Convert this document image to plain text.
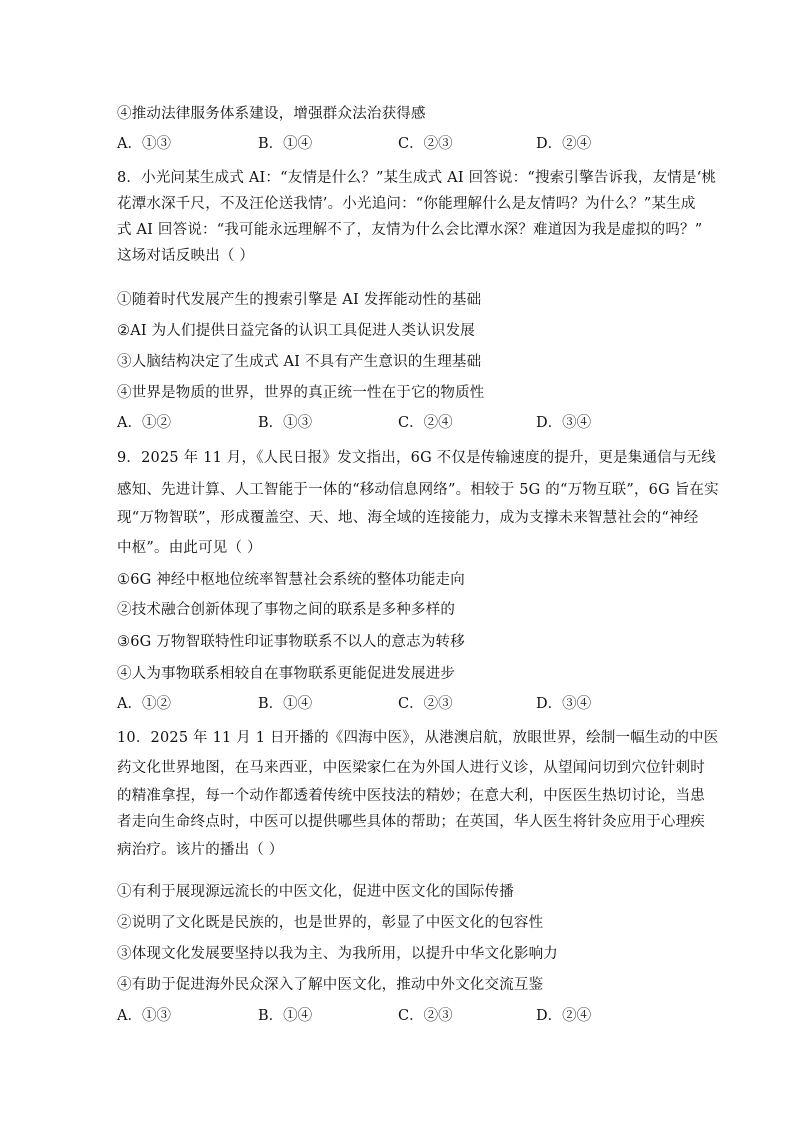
④推动法律服务体系建设，增强群众法治获得感
A．①③	B．①④	C．②③	D．②④
8．小光问某生成式 AI：“友情是什么？”某生成式 AI 回答说：“搜索引擎告诉我，友情是‘桃
花潭水深千尺，不及汪伦送我情’。小光追问：“你能理解什么是友情吗？为什么？”某生成
式 AI 回答说：“我可能永远理解不了，友情为什么会比潭水深？难道因为我是虚拟的吗？”
这场对话反映出（ ）
①随着时代发展产生的搜索引擎是 AI 发挥能动性的基础
②AI 为人们提供日益完备的认识工具促进人类认识发展
③人脑结构决定了生成式 AI 不具有产生意识的生理基础
④世界是物质的世界，世界的真正统一性在于它的物质性
A．①②	B．①③	C．②④	D．③④
9．2025 年 11 月，《人民日报》发文指出，6G 不仅是传输速度的提升，更是集通信与无线
感知、先进计算、人工智能于一体的“移动信息网络”。相较于 5G 的“万物互联”，6G 旨在实
现“万物智联”，形成覆盖空、天、地、海全域的连接能力，成为支撑未来智慧社会的“神经
中枢”。由此可见（ ）
①6G 神经中枢地位统率智慧社会系统的整体功能走向
②技术融合创新体现了事物之间的联系是多种多样的
③6G 万物智联特性印证事物联系不以人的意志为转移
④人为事物联系相较自在事物联系更能促进发展进步
A．①②	B．①④	C．②③	D．③④
10．2025 年 11 月 1 日开播的《四海中医》，从港澳启航，放眼世界，绘制一幅生动的中医
药文化世界地图，在马来西亚，中医梁家仁在为外国人进行义诊，从望闻问切到穴位针刺时
的精准拿捏，每一个动作都透着传统中医技法的精妙；在意大利，中医医生热切讨论，当患
者走向生命终点时，中医可以提供哪些具体的帮助；在英国，华人医生将针灸应用于心理疾
病治疗。该片的播出（ ）
①有利于展现源远流长的中医文化，促进中医文化的国际传播
②说明了文化既是民族的，也是世界的，彰显了中医文化的包容性
③体现文化发展要坚持以我为主、为我所用，以提升中华文化影响力
④有助于促进海外民众深入了解中医文化，推动中外文化交流互鉴
A．①③	B．①④	C．②③	D．②④
